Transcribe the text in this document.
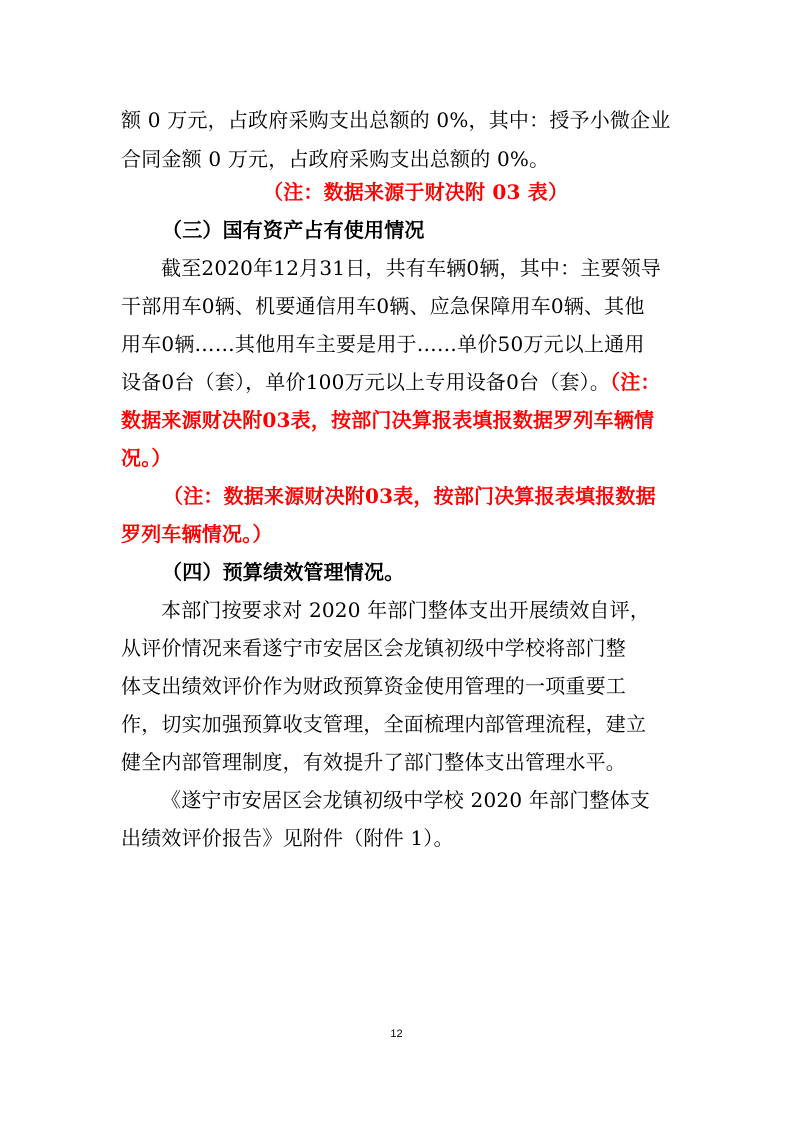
额 0 万元，占政府采购支出总额的 0%，其中：授予小微企业
合同金额 0 万元，占政府采购支出总额的 0%。
（注：数据来源于财决附 03 表）
（三）国有资产占有使用情况
截至2020年12月31日，共有车辆0辆，其中：主要领导
干部用车0辆、机要通信用车0辆、应急保障用车0辆、其他
用车0辆……其他用车主要是用于……单价50万元以上通用
设备0台（套），单价100万元以上专用设备0台（套）。（注：
数据来源财决附03表，按部门决算报表填报数据罗列车辆情
况。）
（注：数据来源财决附03表，按部门决算报表填报数据
罗列车辆情况。）
（四）预算绩效管理情况。
本部门按要求对 2020 年部门整体支出开展绩效自评，
从评价情况来看遂宁市安居区会龙镇初级中学校将部门整
体支出绩效评价作为财政预算资金使用管理的一项重要工
作，切实加强预算收支管理，全面梳理内部管理流程，建立
健全内部管理制度，有效提升了部门整体支出管理水平。
《遂宁市安居区会龙镇初级中学校 2020 年部门整体支
出绩效评价报告》见附件（附件 1）。
12
